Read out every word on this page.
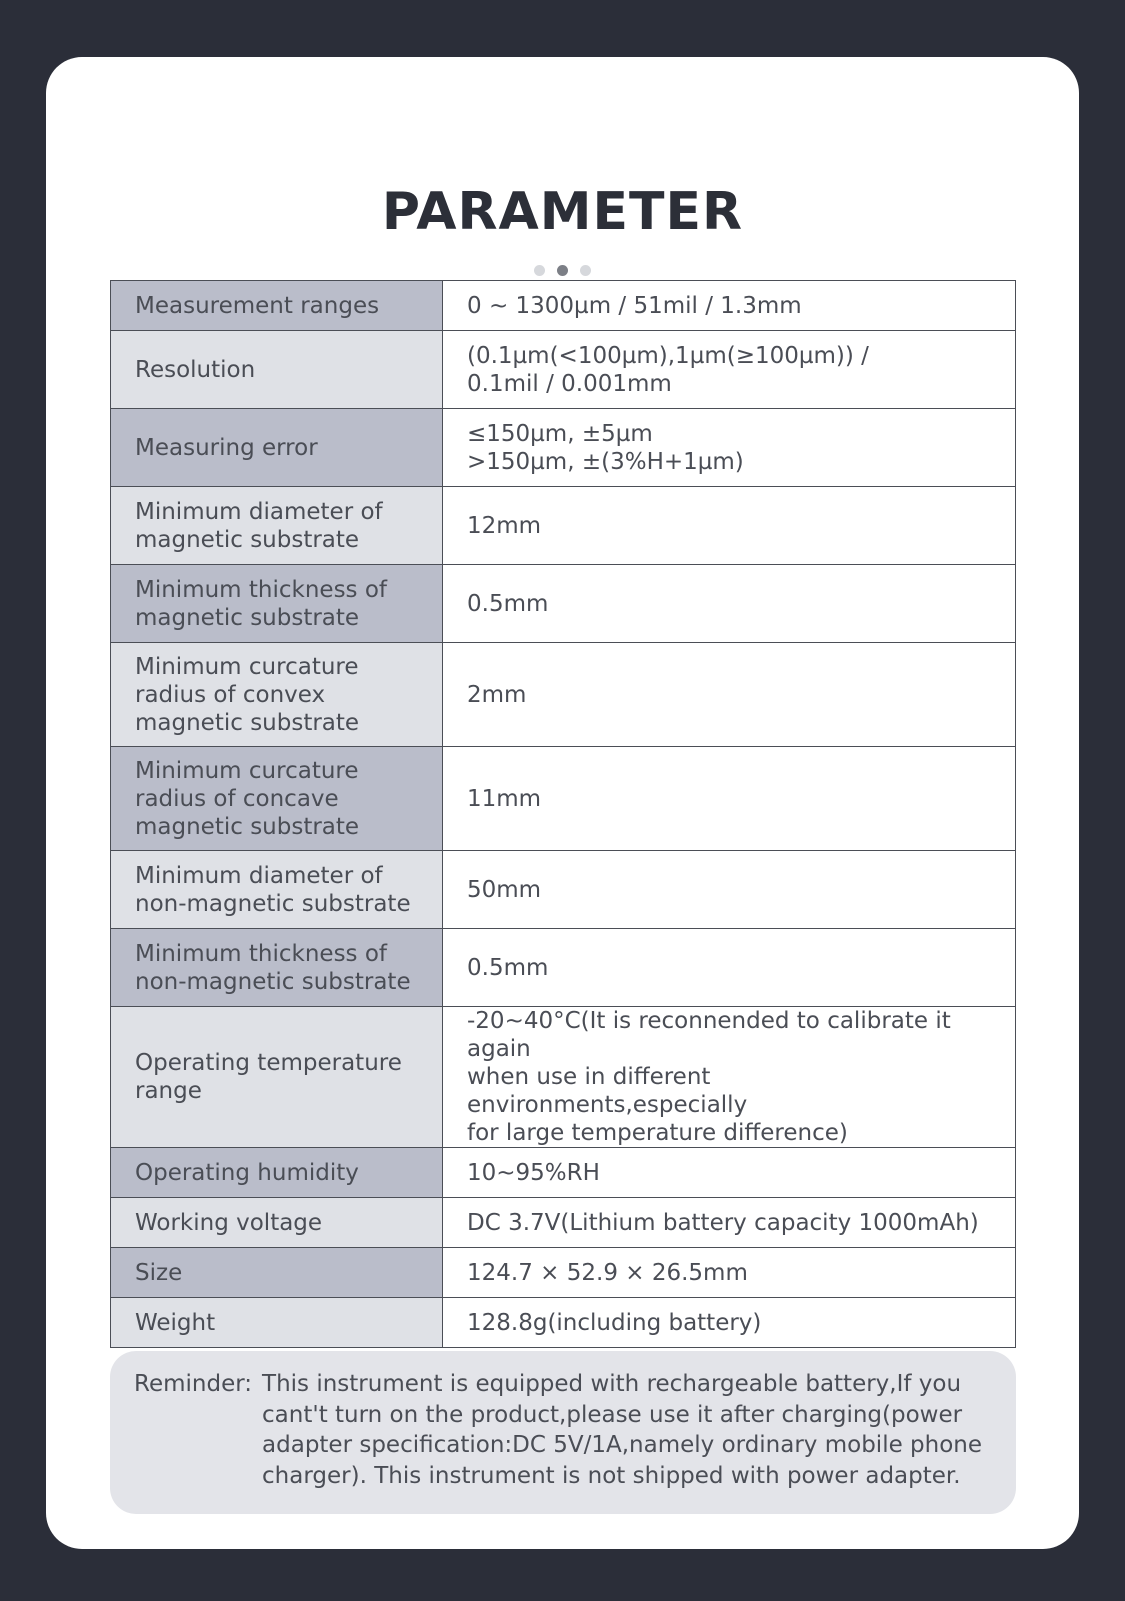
PARAMETER
Measurement ranges	0 ~ 1300µm / 51mil / 1.3mm
Resolution	(0.1µm(<100µm),1µm(≥100µm)) /
0.1mil / 0.001mm
Measuring error	≤150µm, ±5µm
>150µm, ±(3%H+1µm)
Minimum diameter of
magnetic substrate	12mm
Minimum thickness of
magnetic substrate	0.5mm
Minimum curcature
radius of convex
magnetic substrate	2mm
Minimum curcature
radius of concave
magnetic substrate	11mm
Minimum diameter of
non-magnetic substrate	50mm
Minimum thickness of
non-magnetic substrate	0.5mm
Operating temperature
range	-20~40°C(It is reconnended to calibrate it again
when use in different environments,especially
for large temperature difference)
Operating humidity	10~95%RH
Working voltage	DC 3.7V(Lithium battery capacity 1000mAh)
Size	124.7 × 52.9 × 26.5mm
Weight	128.8g(including battery)
Reminder: This instrument is equipped with rechargeable battery,If you cant't turn on the product,please use it after charging(power adapter specification:DC 5V/1A,namely ordinary mobile phone charger). This instrument is not shipped with power adapter.
